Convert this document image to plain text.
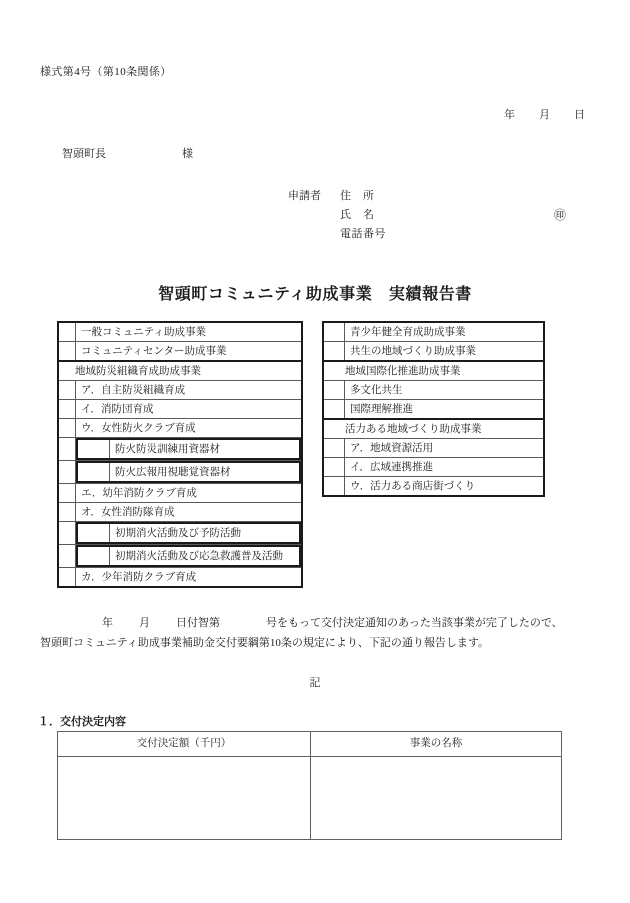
様式第4号（第10条関係）
年 月 日
智頭町長	様
申請者 住　所
氏　名	㊞
電話番号
智頭町コミュニティ助成事業　実績報告書
	一般コミュニティ助成事業
	コミュニティセンター助成事業
地域防災組織育成助成事業
	ア．自主防災組織育成
	イ．消防団育成
	ウ．女性防火クラブ育成

	防火防災訓練用資器材

	防火広報用視聴覚資器材

	エ．幼年消防クラブ育成
	オ．女性消防隊育成

	初期消火活動及び予防活動

	初期消火活動及び応急救護普及活動

	カ．少年消防クラブ育成
	青少年健全育成助成事業
	共生の地域づくり助成事業
地域国際化推進助成事業	
	多文化共生
	国際理解推進
活力ある地域づくり助成事業	
	ア．地域資源活用
	イ．広域連携推進
	ウ．活力ある商店街づくり
年 月 日付智第	号をもって交付決定通知のあった当該事業が完了したので、
智頭町コミュニティ助成事業補助金交付要綱第10条の規定により、下記の通り報告します。
記
１．交付決定内容
交付決定額（千円）	事業の名称
